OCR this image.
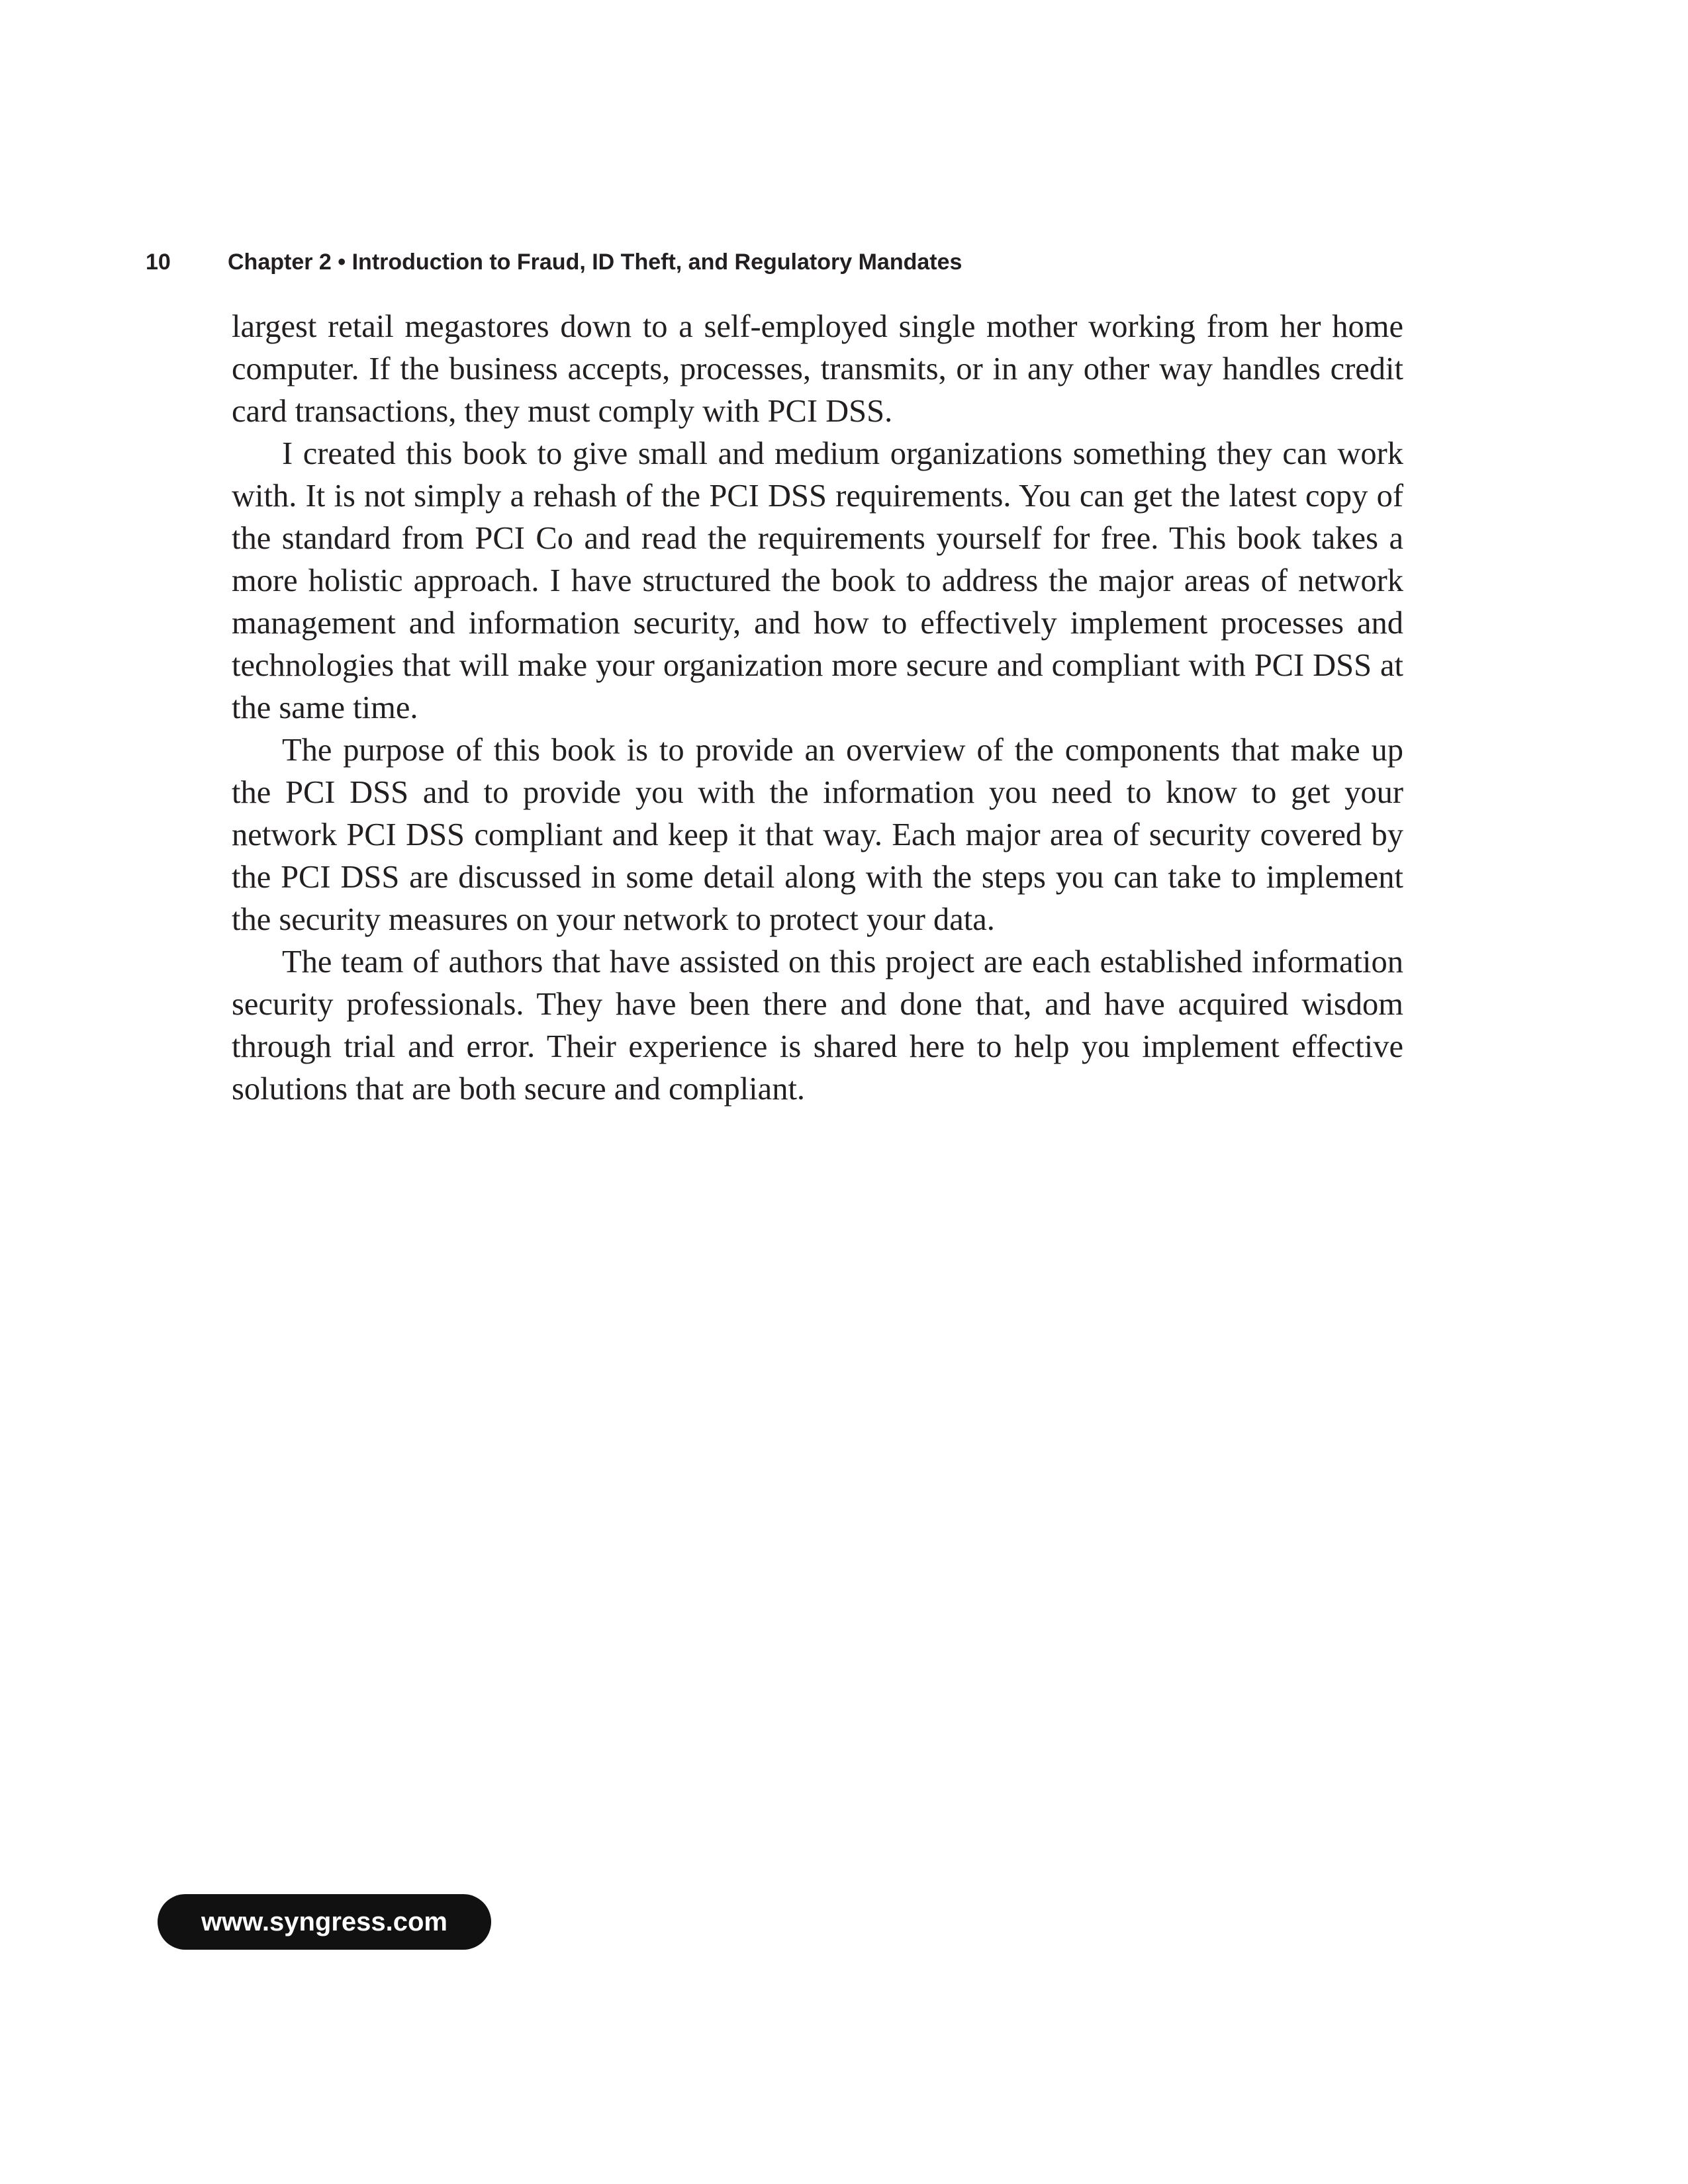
10	Chapter 2 • Introduction to Fraud, ID Theft, and Regulatory Mandates

largest retail megastores down to a self-employed single mother working from her home computer. If the business accepts, processes, transmits, or in any other way handles credit card transactions, they must comply with PCI DSS.

I created this book to give small and medium organizations something they can work with. It is not simply a rehash of the PCI DSS requirements. You can get the latest copy of the standard from PCI Co and read the requirements yourself for free. This book takes a more holistic approach. I have structured the book to address the major areas of network management and information security, and how to effectively implement processes and technologies that will make your organization more secure and compliant with PCI DSS at the same time.

The purpose of this book is to provide an overview of the components that make up the PCI DSS and to provide you with the information you need to know to get your network PCI DSS compliant and keep it that way. Each major area of security covered by the PCI DSS are discussed in some detail along with the steps you can take to implement the security measures on your network to protect your data.

The team of authors that have assisted on this project are each established information security professionals. They have been there and done that, and have acquired wisdom through trial and error. Their experience is shared here to help you implement effective solutions that are both secure and compliant.

www.syngress.com
